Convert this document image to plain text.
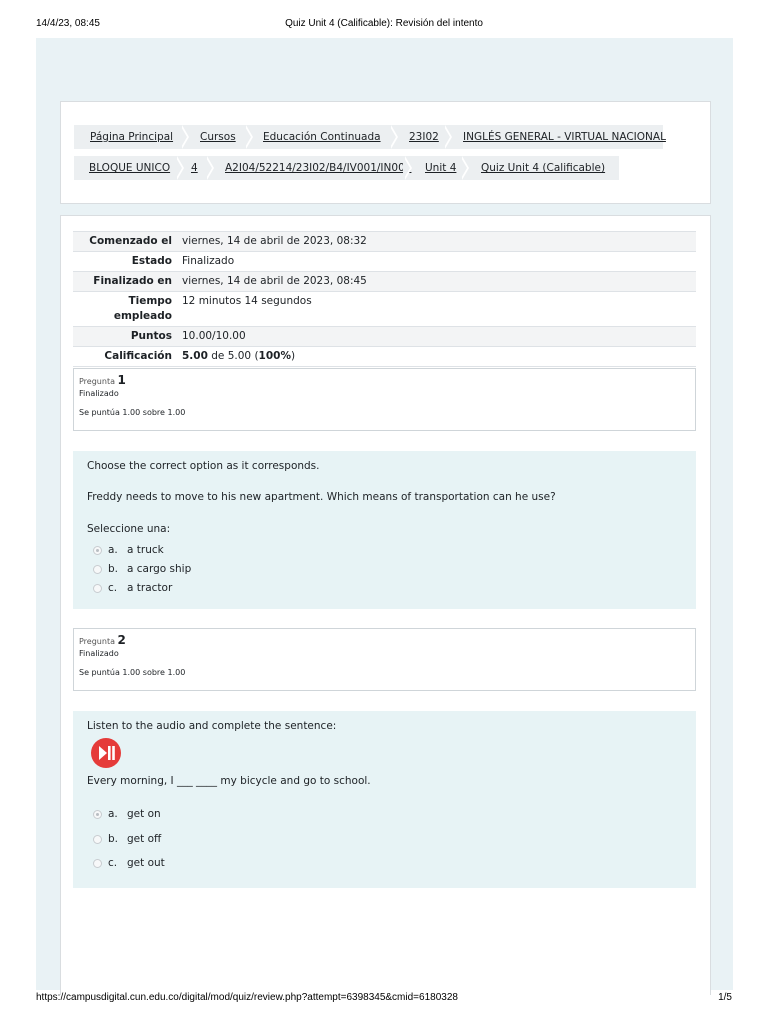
14/4/23, 08:45	Quiz Unit 4 (Calificable): Revisión del intento
Página Principal	Cursos	Educación Continuada	23I02 INGLÉS GENERAL - VIRTUAL NACIONAL
BLOQUE UNICO 4	A2I04/52214/23I02/B4/IV001/IN001 Unit 4 Quiz Unit 4 (Calificable)
Comenzado el	viernes, 14 de abril de 2023, 08:32
Estado	Finalizado
Finalizado en	viernes, 14 de abril de 2023, 08:45
Tiempo empleado	12 minutos 14 segundos
Puntos	10.00/10.00
Calificación	5.00 de 5.00 (100%)
Pregunta 1
Finalizado
Se puntúa 1.00 sobre 1.00
Choose the correct option as it corresponds.
Freddy needs to move to his new apartment. Which means of transportation can he use?
Seleccione una:
a. a truck
b. a cargo ship
c. a tractor
Pregunta 2
Finalizado
Se puntúa 1.00 sobre 1.00
Listen to the audio and complete the sentence:
Every morning, I ___ ____ my bicycle and go to school.
a. get on
b. get off
c. get out
https://campusdigital.cun.edu.co/digital/mod/quiz/review.php?attempt=6398345&cmid=6180328	1/5
